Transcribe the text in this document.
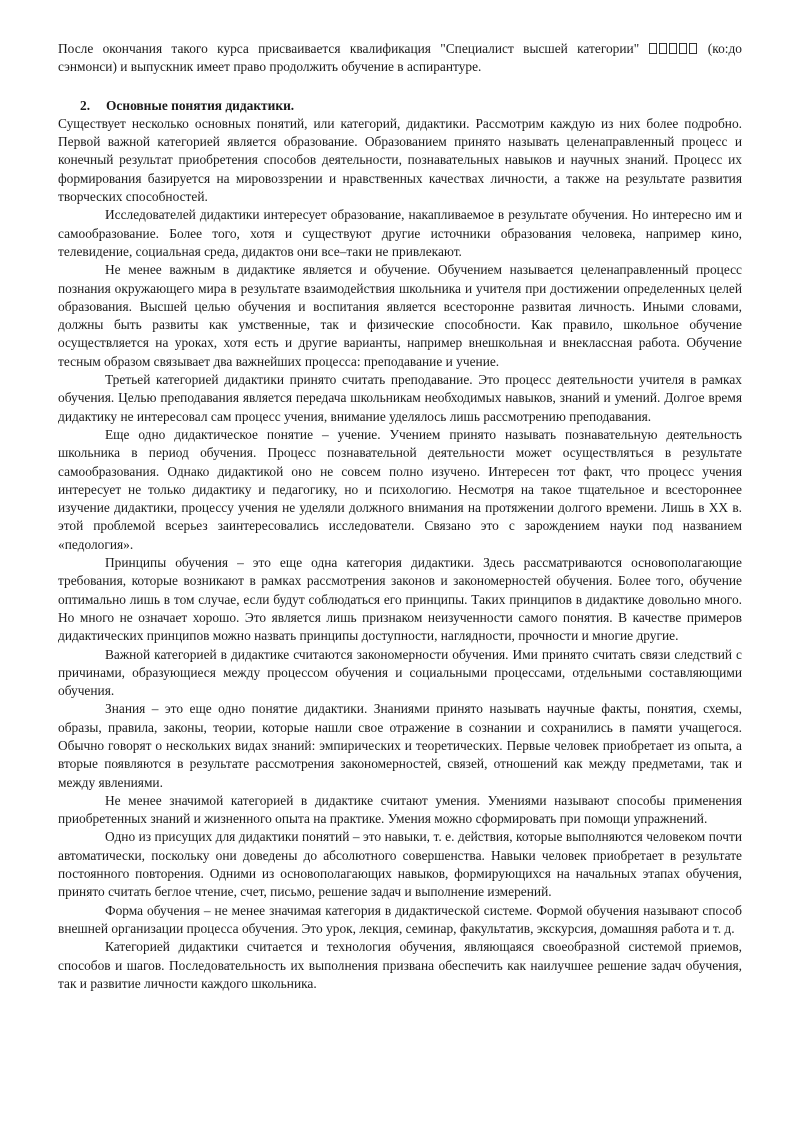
После окончания такого курса присваивается квалификация "Специалист высшей категории"	(ко:до сэнмонси) и выпускник имеет право продолжить обучение в аспирантуре.

2. Основные понятия дидактики.

Существует несколько основных понятий, или категорий, дидактики. Рассмотрим каждую из них более подробно. Первой важной категорией является образование. Образованием принято называть целенаправленный процесс и конечный результат приобретения способов деятельности, познавательных навыков и научных знаний. Процесс их формирования базируется на мировоззрении и нравственных качествах личности, а также на результате развития творческих способностей.

Исследователей дидактики интересует образование, накапливаемое в результате обучения. Но интересно им и самообразование. Более того, хотя и существуют другие источники образования человека, например кино, телевидение, социальная среда, дидактов они все–таки не привлекают.

Не менее важным в дидактике является и обучение. Обучением называется целенаправленный процесс познания окружающего мира в результате взаимодействия школьника и учителя при достижении определенных целей образования. Высшей целью обучения и воспитания является всесторонне развитая личность. Иными словами, должны быть развиты как умственные, так и физические способности. Как правило, школьное обучение осуществляется на уроках, хотя есть и другие варианты, например внешкольная и внеклассная работа. Обучение тесным образом связывает два важнейших процесса: преподавание и учение.

Третьей категорией дидактики принято считать преподавание. Это процесс деятельности учителя в рамках обучения. Целью преподавания является передача школьникам необходимых навыков, знаний и умений. Долгое время дидактику не интересовал сам процесс учения, внимание уделялось лишь рассмотрению преподавания.

Еще одно дидактическое понятие – учение. Учением принято называть познавательную деятельность школьника в период обучения. Процесс познавательной деятельности может осуществляться в результате самообразования. Однако дидактикой оно не совсем полно изучено. Интересен тот факт, что процесс учения интересует не только дидактику и педагогику, но и психологию. Несмотря на такое тщательное и всестороннее изучение дидактики, процессу учения не уделяли должного внимания на протяжении долгого времени. Лишь в XX в. этой проблемой всерьез заинтересовались исследователи. Связано это с зарождением науки под названием «педология».

Принципы обучения – это еще одна категория дидактики. Здесь рассматриваются основополагающие требования, которые возникают в рамках рассмотрения законов и закономерностей обучения. Более того, обучение оптимально лишь в том случае, если будут соблюдаться его принципы. Таких принципов в дидактике довольно много. Но много не означает хорошо. Это является лишь признаком неизученности самого понятия. В качестве примеров дидактических принципов можно назвать принципы доступности, наглядности, прочности и многие другие.

Важной категорией в дидактике считаются закономерности обучения. Ими принято считать связи следствий с причинами, образующиеся между процессом обучения и социальными процессами, отдельными составляющими обучения.

Знания – это еще одно понятие дидактики. Знаниями принято называть научные факты, понятия, схемы, образы, правила, законы, теории, которые нашли свое отражение в сознании и сохранились в памяти учащегося. Обычно говорят о нескольких видах знаний: эмпирических и теоретических. Первые человек приобретает из опыта, а вторые появляются в результате рассмотрения закономерностей, связей, отношений как между предметами, так и между явлениями.

Не менее значимой категорией в дидактике считают умения. Умениями называют способы применения приобретенных знаний и жизненного опыта на практике. Умения можно сформировать при помощи упражнений.

Одно из присущих для дидактики понятий – это навыки, т. е. действия, которые выполняются человеком почти автоматически, поскольку они доведены до абсолютного совершенства. Навыки человек приобретает в результате постоянного повторения. Одними из основополагающих навыков, формирующихся на начальных этапах обучения, принято считать беглое чтение, счет, письмо, решение задач и выполнение измерений.

Форма обучения – не менее значимая категория в дидактической системе. Формой обучения называют способ внешней организации процесса обучения. Это урок, лекция, семинар, факультатив, экскурсия, домашняя работа и т. д.

Категорией дидактики считается и технология обучения, являющаяся своеобразной системой приемов, способов и шагов. Последовательность их выполнения призвана обеспечить как наилучшее решение задач обучения, так и развитие личности каждого школьника.
